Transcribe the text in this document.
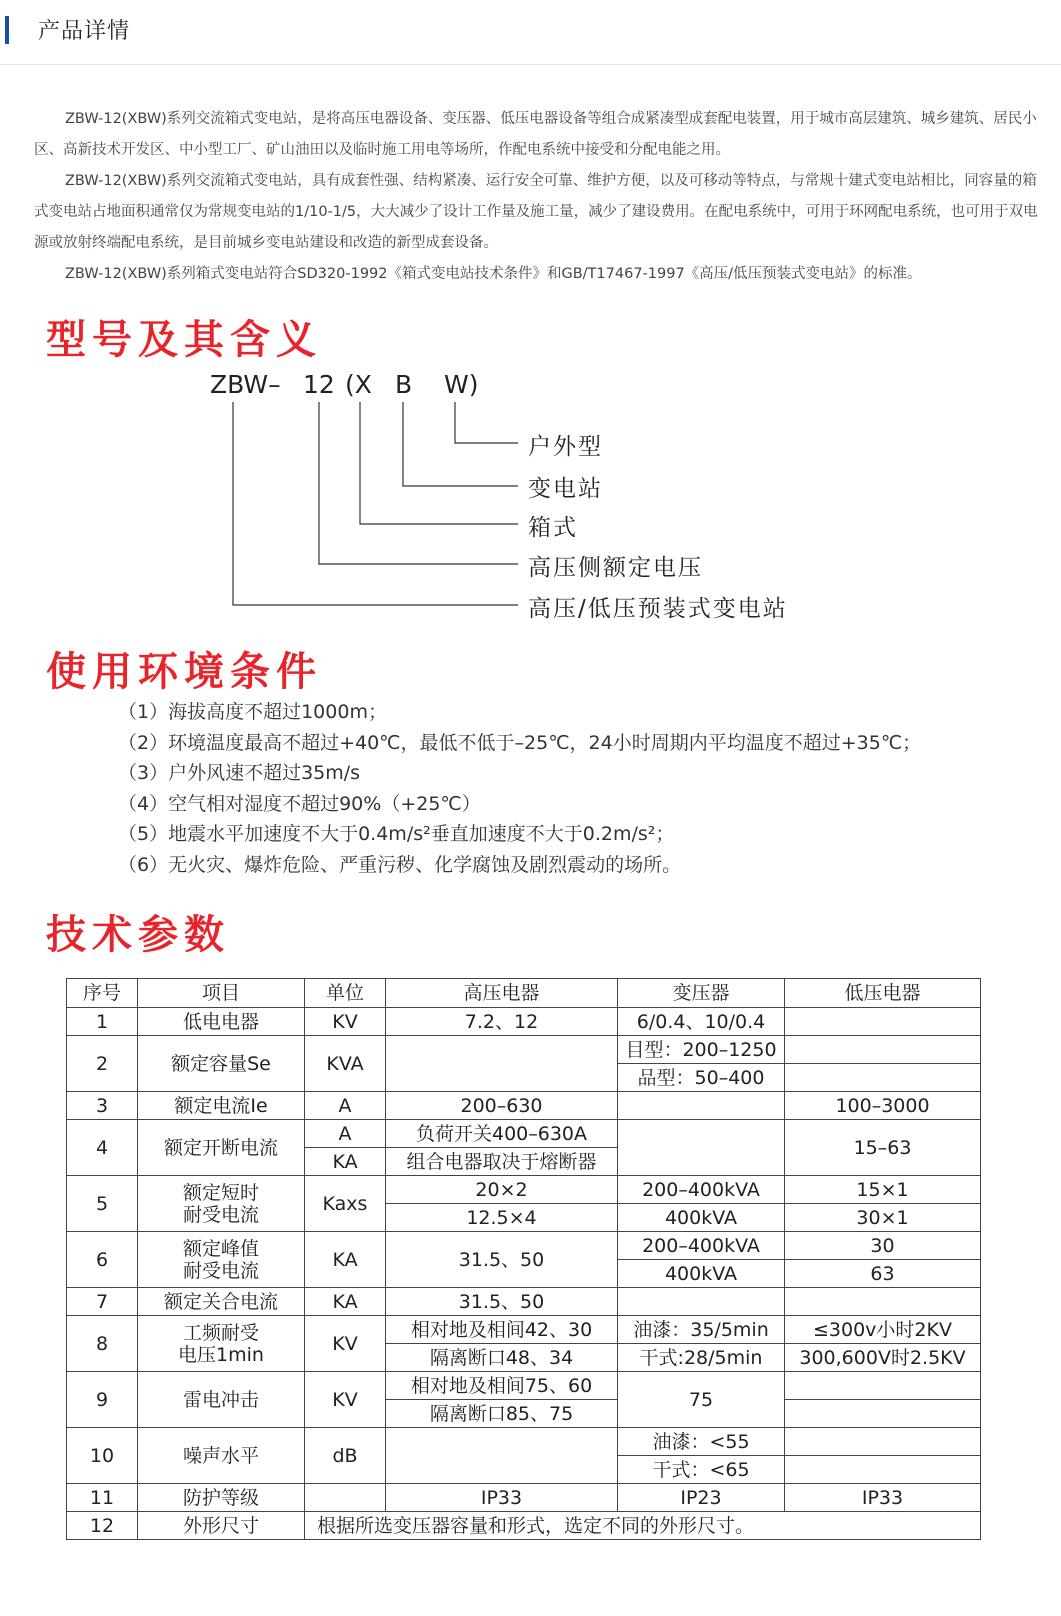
产品详情

ZBW-12(XBW)系列交流箱式变电站，是将高压电器设备、变压器、低压电器设备等组合成紧凑型成套配电装置，用于城市高层建筑、城乡建筑、居民小区、高新技术开发区、中小型工厂、矿山油田以及临时施工用电等场所，作配电系统中接受和分配电能之用。

ZBW-12(XBW)系列交流箱式变电站，具有成套性强、结构紧凑、运行安全可靠、维护方便，以及可移动等特点，与常规十建式变电站相比，同容量的箱式变电站占地面积通常仅为常规变电站的1/10-1/5，大大减少了设计工作量及施工量，减少了建设费用。在配电系统中，可用于环网配电系统，也可用于双电源或放射终端配电系统，是目前城乡变电站建设和改造的新型成套设备。

ZBW-12(XBW)系列箱式变电站符合SD320-1992《箱式变电站技术条件》和GB/T17467-1997《高压/低压预装式变电站》的标准。

型号及其含义
ZBW– 12 (X B W)
户外型
变电站
箱式
高压侧额定电压
高压/低压预装式变电站
使用环境条件
（1）海拔高度不超过1000m；
（2）环境温度最高不超过+40℃，最低不低于–25℃，24小时周期内平均温度不超过+35℃；
（3）户外风速不超过35m/s
（4）空气相对湿度不超过90%（+25℃）
（5）地震水平加速度不大于0.4m/s²垂直加速度不大于0.2m/s²；
（6）无火灾、爆炸危险、严重污秽、化学腐蚀及剧烈震动的场所。
技术参数
序号	项目	单位	高压电器	变压器	低压电器
1	低电电器	KV	7.2、12	6/0.4、10/0.4	
2	额定容量Se	KVA		目型：200–1250	
				品型：50–400	
3	额定电流Ie	A	200–630		100–3000
4	额定开断电流	A	负荷开关400–630A		15–63
		KA	组合电器取决于熔断器		
5	额定短时
耐受电流	Kaxs	20×2	200–400kVA	15×1
			12.5×4	400kVA	30×1
6	额定峰值
耐受电流	KA	31.5、50	200–400kVA	30
				400kVA	63
7	额定关合电流	KA	31.5、50		
8	工频耐受
电压1min	KV	相对地及相间42、30	油漆：35/5min	≤300v小时2KV
			隔离断口48、34	干式:28/5min	300,600V时2.5KV
9	雷电冲击	KV	相对地及相间75、60	75	
			隔离断口85、75		
10	噪声水平	dB		油漆：<55	
				干式：<65	
11	防护等级		IP33	IP23	IP33
12	外形尺寸	根据所选变压器容量和形式，选定不同的外形尺寸。			
